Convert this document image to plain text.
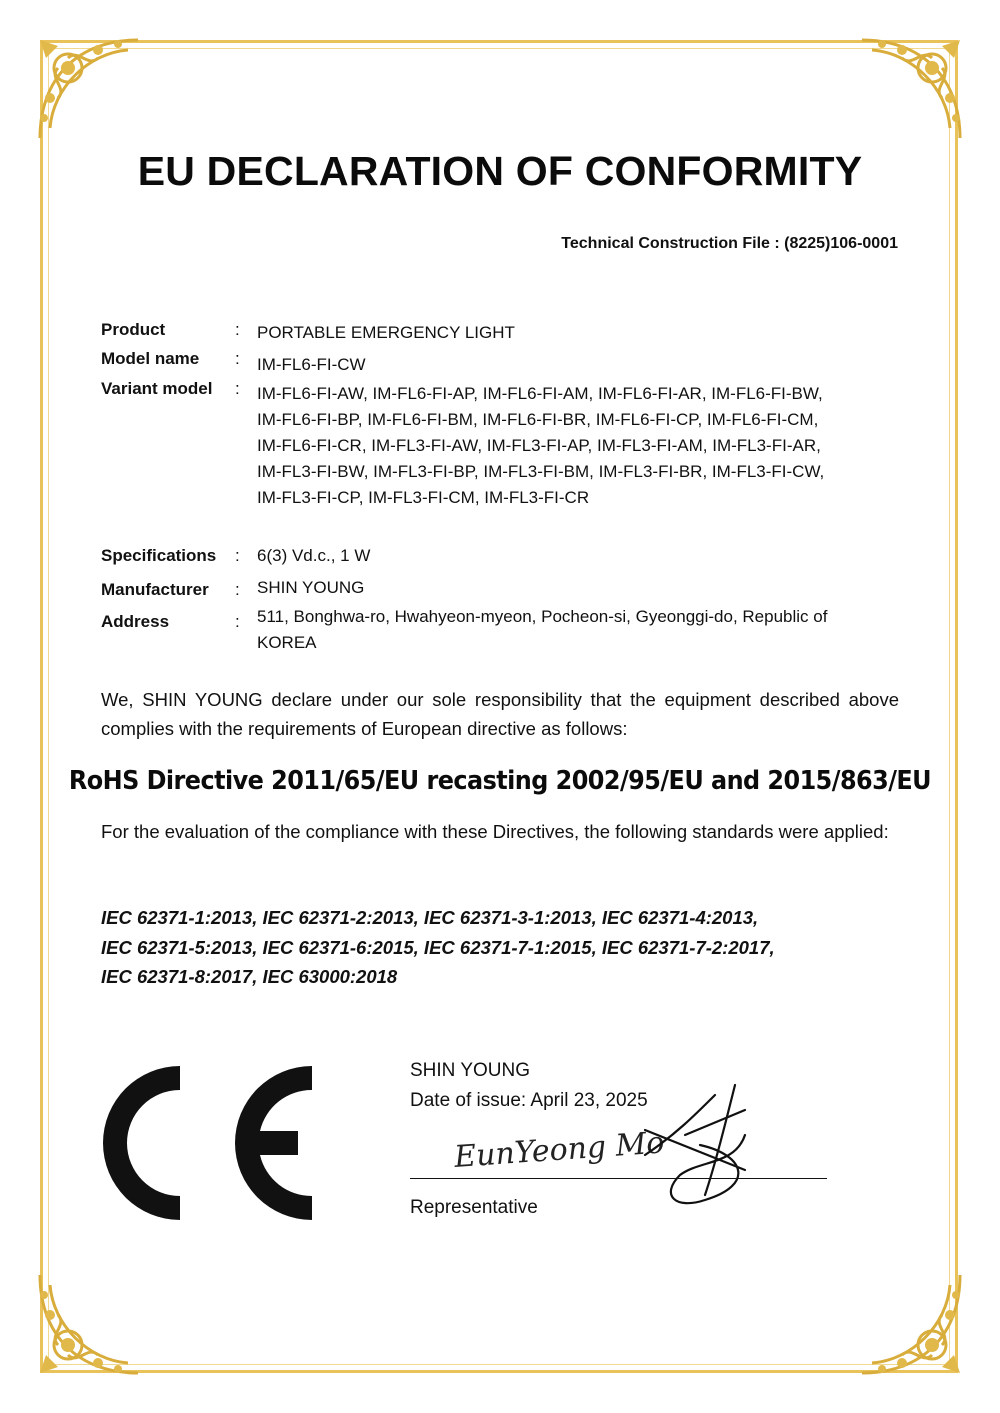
EU DECLARATION OF CONFORMITY
Technical Construction File : (8225)106-0001
Product	: PORTABLE EMERGENCY LIGHT
Model name	: IM-FL6-FI-CW
Variant model	: IM-FL6-FI-AW, IM-FL6-FI-AP, IM-FL6-FI-AM, IM-FL6-FI-AR, IM-FL6-FI-BW,
IM-FL6-FI-BP, IM-FL6-FI-BM, IM-FL6-FI-BR, IM-FL6-FI-CP, IM-FL6-FI-CM,
IM-FL6-FI-CR, IM-FL3-FI-AW, IM-FL3-FI-AP, IM-FL3-FI-AM, IM-FL3-FI-AR,
IM-FL3-FI-BW, IM-FL3-FI-BP, IM-FL3-FI-BM, IM-FL3-FI-BR, IM-FL3-FI-CW,
IM-FL3-FI-CP, IM-FL3-FI-CM, IM-FL3-FI-CR
Specifications	: 6(3) Vd.c., 1 W
Manufacturer	: SHIN YOUNG
Address	: 511, Bonghwa-ro, Hwahyeon-myeon, Pocheon-si, Gyeonggi-do, Republic of
KOREA
We, SHIN YOUNG declare under our sole responsibility that the equipment described above complies with the requirements of European directive as follows:
RoHS Directive 2011/65/EU recasting 2002/95/EU and 2015/863/EU
For the evaluation of the compliance with these Directives, the following standards were applied:
IEC 62371-1:2013, IEC 62371-2:2013, IEC 62371-3-1:2013, IEC 62371-4:2013,
IEC 62371-5:2013, IEC 62371-6:2015, IEC 62371-7-1:2015, IEC 62371-7-2:2017,
IEC 62371-8:2017, IEC 63000:2018
SHIN YOUNG
Date of issue: April 23, 2025
EunYeong Mo
Representative
